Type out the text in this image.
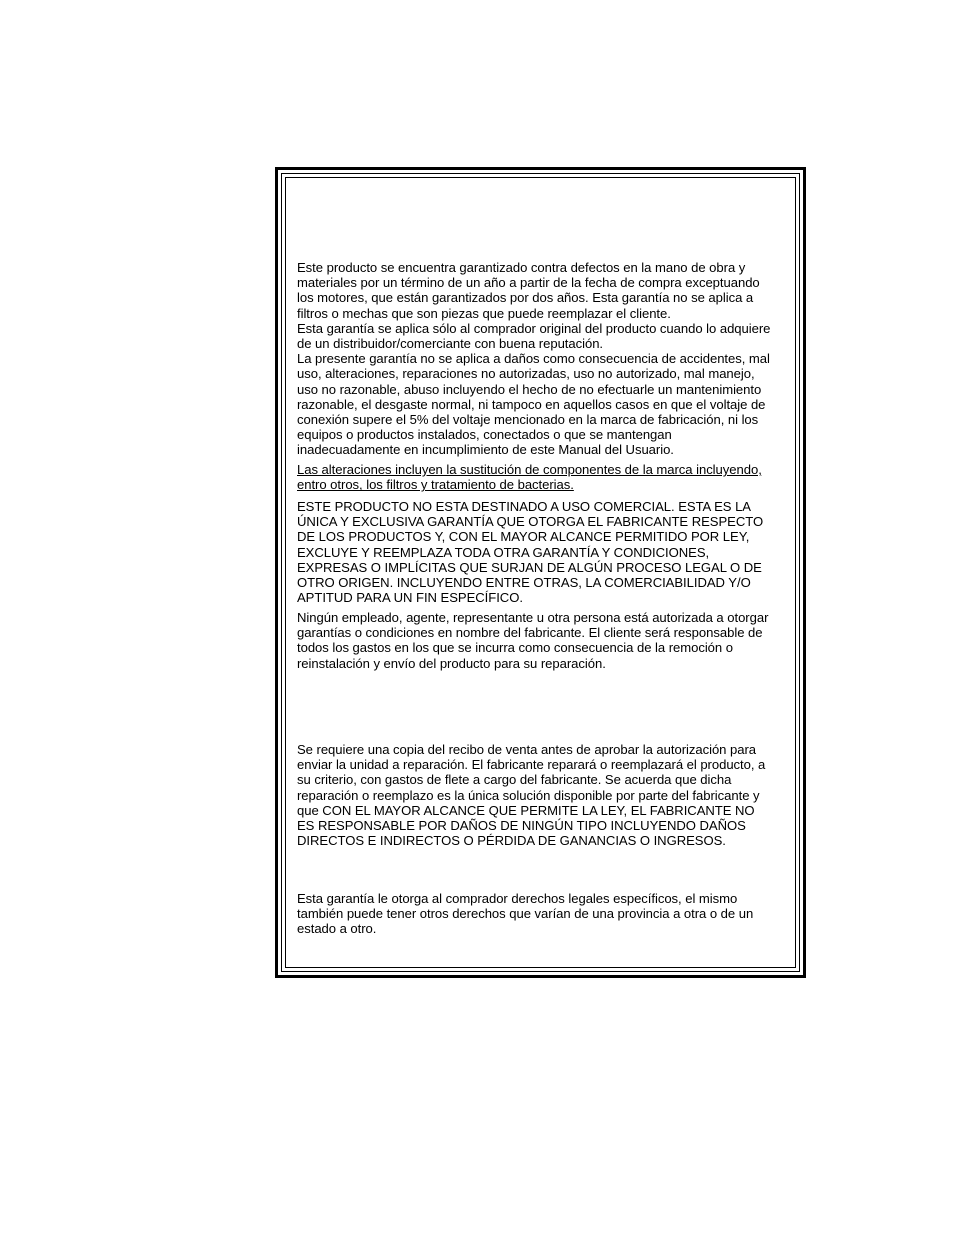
Este producto se encuentra garantizado contra defectos en la mano de obra y
materiales por un término de un año a partir de la fecha de compra exceptuando
los motores, que están garantizados por dos años. Esta garantía no se aplica a
filtros o mechas que son piezas que puede reemplazar el cliente.
Esta garantía se aplica sólo al comprador original del producto cuando lo adquiere
de un distribuidor/comerciante con buena reputación.
La presente garantía no se aplica a daños como consecuencia de accidentes, mal
uso, alteraciones, reparaciones no autorizadas, uso no autorizado, mal manejo,
uso no razonable, abuso incluyendo el hecho de no efectuarle un mantenimiento
razonable, el desgaste normal, ni tampoco en aquellos casos en que el voltaje de
conexión supere el 5% del voltaje mencionado en la marca de fabricación, ni los
equipos o productos instalados, conectados o que se mantengan
inadecuadamente en incumplimiento de este Manual del Usuario.

Las alteraciones incluyen la sustitución de componentes de la marca incluyendo,
entro otros, los filtros y tratamiento de bacterias.

ESTE PRODUCTO NO ESTA DESTINADO A USO COMERCIAL. ESTA ES LA
ÚNICA Y EXCLUSIVA GARANTÍA QUE OTORGA EL FABRICANTE RESPECTO
DE LOS PRODUCTOS Y, CON EL MAYOR ALCANCE PERMITIDO POR LEY,
EXCLUYE Y REEMPLAZA TODA OTRA GARANTÍA Y CONDICIONES,
EXPRESAS O IMPLÍCITAS QUE SURJAN DE ALGÚN PROCESO LEGAL O DE
OTRO ORIGEN. INCLUYENDO ENTRE OTRAS, LA COMERCIABILIDAD Y/O
APTITUD PARA UN FIN ESPECÍFICO.

Ningún empleado, agente, representante u otra persona está autorizada a otorgar
garantías o condiciones en nombre del fabricante. El cliente será responsable de
todos los gastos en los que se incurra como consecuencia de la remoción o
reinstalación y envío del producto para su reparación.

Se requiere una copia del recibo de venta antes de aprobar la autorización para
enviar la unidad a reparación. El fabricante reparará o reemplazará el producto, a
su criterio, con gastos de flete a cargo del fabricante. Se acuerda que dicha
reparación o reemplazo es la única solución disponible por parte del fabricante y
que CON EL MAYOR ALCANCE QUE PERMITE LA LEY, EL FABRICANTE NO
ES RESPONSABLE POR DAÑOS DE NINGÚN TIPO INCLUYENDO DAÑOS
DIRECTOS E INDIRECTOS O PÉRDIDA DE GANANCIAS O INGRESOS.

Esta garantía le otorga al comprador derechos legales específicos, el mismo
también puede tener otros derechos que varían de una provincia a otra o de un
estado a otro.
